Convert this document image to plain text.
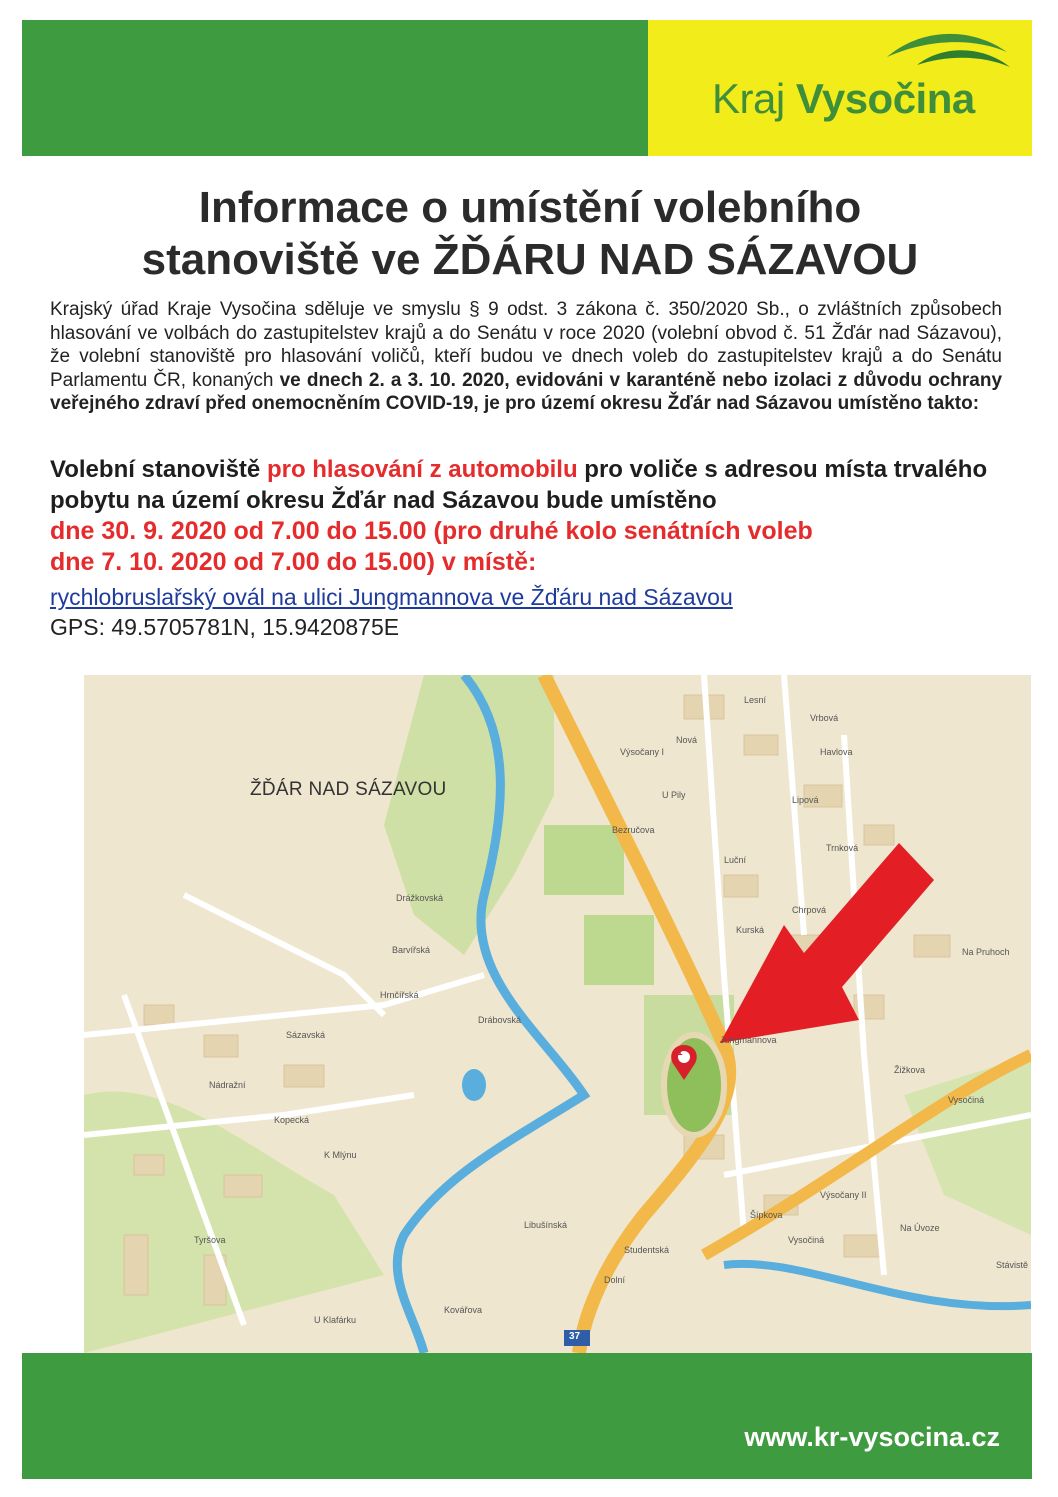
Kraj Vysočina
Informace o umístění volebního
stanoviště ve ŽĎÁRU NAD SÁZAVOU
Krajský úřad Kraje Vysočina sděluje ve smyslu § 9 odst. 3 zákona č. 350/2020 Sb., o zvláštních způsobech hlasování ve volbách do zastupitelstev krajů a do Senátu v roce 2020 (volební obvod č. 51 Žďár nad Sázavou), že volební stanoviště pro hlasování voličů, kteří budou ve dnech voleb do zastupitelstev krajů a do Senátu Parlamentu ČR, konaných ve dnech 2. a 3. 10. 2020, evidováni v karanténě nebo izolaci z důvodu ochrany veřejného zdraví před onemocněním COVID-19, je pro území okresu Žďár nad Sázavou umístěno takto:
Volební stanoviště pro hlasování z automobilu pro voliče s adresou místa trvalého pobytu na území okresu Žďár nad Sázavou bude umístěno
dne 30. 9. 2020 od 7.00 do 15.00 (pro druhé kolo senátních voleb
dne 7. 10. 2020 od 7.00 do 15.00) v místě:
rychlobruslařský ovál na ulici Jungmannova ve Žďáru nad Sázavou
GPS: 49.5705781N, 15.9420875E
ŽĎÁR NAD SÁZAVOU
1
37
Lesní
Výsočany I
Nová
U Pily
Bezručova
Lipová
Vrbová
Havlova
Trnková
Luční
Chrpová
Kurská
Drážkovská
Barvířská
Hrnčířská
Sázavská
Drábovská
Na Pruhoch
Jungmannova
Žižkova
Vysočiná
K Mlýnu
Kopecká
Nádražní
Šípkova
Výsočany II
Vysočiná
Na Úvoze
Dolní
Studentská
Libušínská
Kovářova
U Klafárku
Tyršova
Stávistě
www.kr-vysocina.cz
